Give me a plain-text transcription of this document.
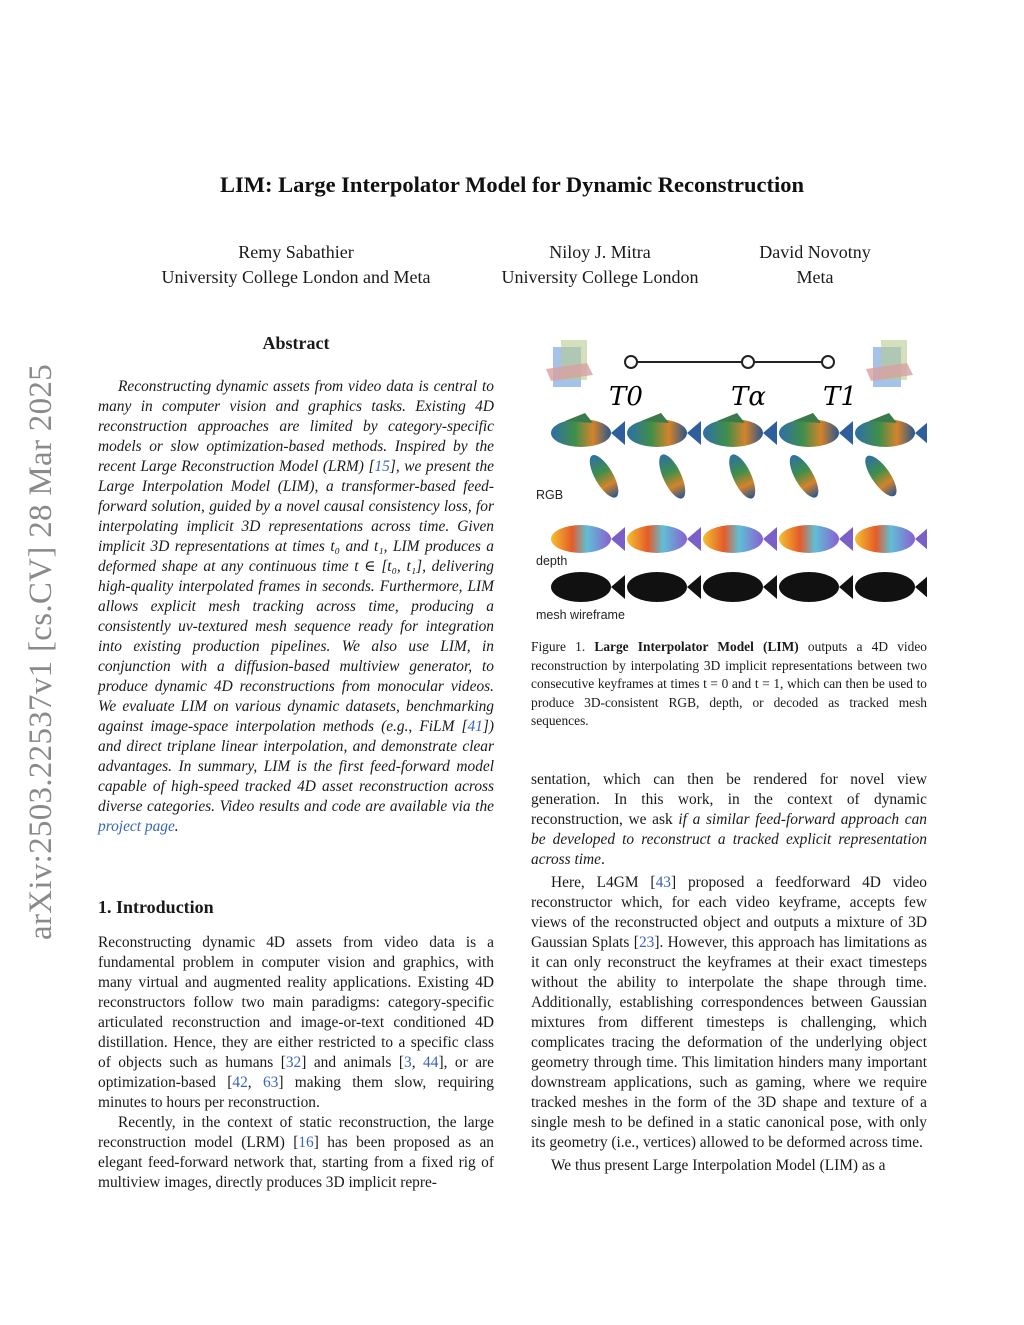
arXiv:2503.22537v1 [cs.CV] 28 Mar 2025
LIM: Large Interpolator Model for Dynamic Reconstruction
Remy Sabathier
University College London and Meta
Niloy J. Mitra
University College London
David Novotny
Meta
Abstract

Reconstructing dynamic assets from video data is central to many in computer vision and graphics tasks. Existing 4D reconstruction approaches are limited by category-specific models or slow optimization-based methods. Inspired by the recent Large Reconstruction Model (LRM) [15], we present the Large Interpolation Model (LIM), a transformer-based feed-forward solution, guided by a novel causal consistency loss, for interpolating implicit 3D representations across time. Given implicit 3D representations at times t₀ and t₁, LIM produces a deformed shape at any continuous time t ∈ [t₀, t₁], delivering high-quality interpolated frames in seconds. Furthermore, LIM allows explicit mesh tracking across time, producing a consistently uv-textured mesh sequence ready for integration into existing production pipelines. We also use LIM, in conjunction with a diffusion-based multiview generator, to produce dynamic 4D reconstructions from monocular videos. We evaluate LIM on various dynamic datasets, benchmarking against image-space interpolation methods (e.g., FiLM [41]) and direct triplane linear interpolation, and demonstrate clear advantages. In summary, LIM is the first feed-forward model capable of high-speed tracked 4D asset reconstruction across diverse categories. Video results and code are available via the project page.

1. Introduction

Reconstructing dynamic 4D assets from video data is a fundamental problem in computer vision and graphics, with many virtual and augmented reality applications. Existing 4D reconstructors follow two main paradigms: category-specific articulated reconstruction and image-or-text conditioned 4D distillation. Hence, they are either restricted to a specific class of objects such as humans [32] and animals [3, 44], or are optimization-based [42, 63] making them slow, requiring minutes to hours per reconstruction.

Recently, in the context of static reconstruction, the large reconstruction model (LRM) [16] has been proposed as an elegant feed-forward network that, starting from a fixed rig of multiview images, directly produces 3D implicit repre-

T0	Tα T1
RGB
depth
mesh wireframe
Figure 1. Large Interpolator Model (LIM) outputs a 4D video reconstruction by interpolating 3D implicit representations between two consecutive keyframes at times t = 0 and t = 1, which can then be used to produce 3D-consistent RGB, depth, or decoded as tracked mesh sequences.

sentation, which can then be rendered for novel view generation. In this work, in the context of dynamic reconstruction, we ask if a similar feed-forward approach can be developed to reconstruct a tracked explicit representation across time.

Here, L4GM [43] proposed a feedforward 4D video reconstructor which, for each video keyframe, accepts few views of the reconstructed object and outputs a mixture of 3D Gaussian Splats [23]. However, this approach has limitations as it can only reconstruct the keyframes at their exact timesteps without the ability to interpolate the shape through time. Additionally, establishing correspondences between Gaussian mixtures from different timesteps is challenging, which complicates tracing the deformation of the underlying object geometry through time. This limitation hinders many important downstream applications, such as gaming, where we require tracked meshes in the form of the 3D shape and texture of a single mesh to be defined in a static canonical pose, with only its geometry (i.e., vertices) allowed to be deformed across time.

We thus present Large Interpolation Model (LIM) as a
